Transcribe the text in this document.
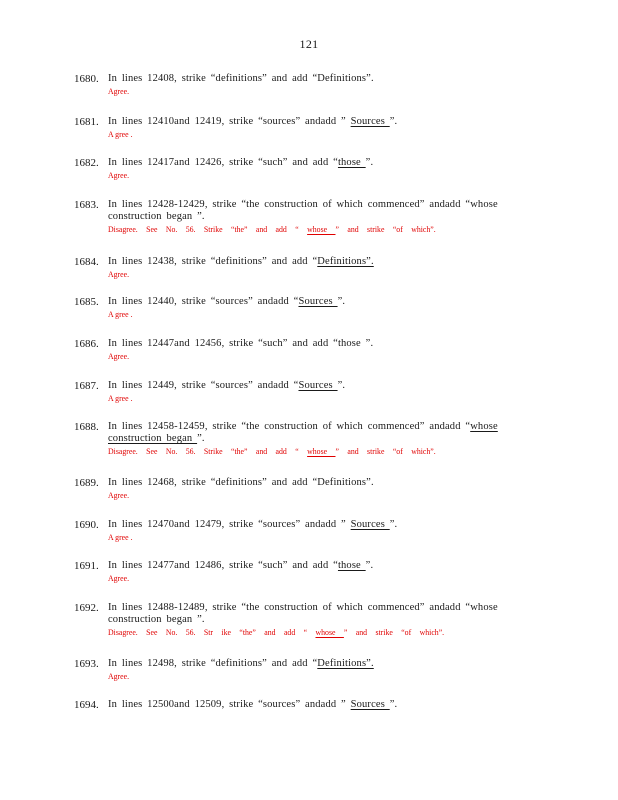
121
1680. In lines 12408, strike “definitions” and add “Definitions”.
Agree.
1681. In lines 12410and 12419, strike “sources” andadd ” Sources ”.
A gree .
1682. In lines 12417and 12426, strike “such” and add “those ”.
Agree.
1683. In lines 12428-12429, strike “the construction of which commenced” andadd “whose
construction began ”.
Disagree. See No. 56. Strike “the” and add “ whose ” and strike “of which”.
1684. In lines 12438, strike “definitions” and add “Definitions”.
Agree.
1685. In lines 12440, strike “sources” andadd “Sources ”.
A gree .
1686. In lines 12447and 12456, strike “such” and add “those ”.
Agree.
1687. In lines 12449, strike “sources” andadd “Sources ”.
A gree .
1688. In lines 12458-12459, strike “the construction of which commenced” andadd “whose
construction began ”.
Disagree. See No. 56. Strike “the” and add “ whose ” and strike “of which”.
1689. In lines 12468, strike “definitions” and add “Definitions”.
Agree.
1690. In lines 12470and 12479, strike “sources” andadd ” Sources ”.
A gree .
1691. In lines 12477and 12486, strike “such” and add “those ”.
Agree.
1692. In lines 12488-12489, strike “the construction of which commenced” andadd “whose
construction began ”.
Disagree. See No. 56. Str ike “the” and add “ whose ” and strike “of which”.
1693. In lines 12498, strike “definitions” and add “Definitions”.
Agree.
1694. In lines 12500and 12509, strike “sources” andadd ” Sources ”.
